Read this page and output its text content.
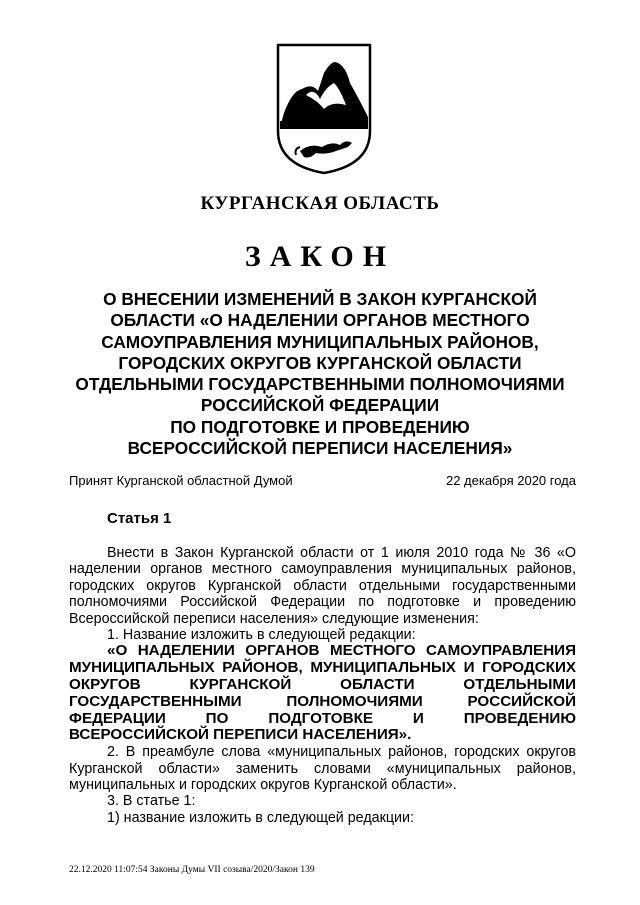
КУРГАНСКАЯ ОБЛАСТЬ
ЗАКОН
О ВНЕСЕНИИ ИЗМЕНЕНИЙ В ЗАКОН КУРГАНСКОЙ
ОБЛАСТИ «О НАДЕЛЕНИИ ОРГАНОВ МЕСТНОГО
САМОУПРАВЛЕНИЯ МУНИЦИПАЛЬНЫХ РАЙОНОВ,
ГОРОДСКИХ ОКРУГОВ КУРГАНСКОЙ ОБЛАСТИ
ОТДЕЛЬНЫМИ ГОСУДАРСТВЕННЫМИ ПОЛНОМОЧИЯМИ
РОССИЙСКОЙ ФЕДЕРАЦИИ
ПО ПОДГОТОВКЕ И ПРОВЕДЕНИЮ
ВСЕРОССИЙСКОЙ ПЕРЕПИСИ НАСЕЛЕНИЯ»
Принят Курганской областной Думой	22 декабря 2020 года
Статья 1

Внести в Закон Курганской области от 1 июля 2010 года № 36 «О наделении органов местного самоуправления муниципальных районов, городских округов Курганской области отдельными государственными полномочиями Российской Федерации по подготовке и проведению Всероссийской переписи населения» следующие изменения:

1. Название изложить в следующей редакции:

«О НАДЕЛЕНИИ ОРГАНОВ МЕСТНОГО САМОУПРАВЛЕНИЯ МУНИЦИПАЛЬНЫХ РАЙОНОВ, МУНИЦИПАЛЬНЫХ И ГОРОДСКИХ ОКРУГОВ КУРГАНСКОЙ ОБЛАСТИ ОТДЕЛЬНЫМИ ГОСУДАРСТВЕННЫМИ ПОЛНОМОЧИЯМИ РОССИЙСКОЙ ФЕДЕРАЦИИ ПО ПОДГОТОВКЕ И ПРОВЕДЕНИЮ ВСЕРОССИЙСКОЙ ПЕРЕПИСИ НАСЕЛЕНИЯ».

2. В преамбуле слова «муниципальных районов, городских округов Курганской области» заменить словами «муниципальных районов, муниципальных и городских округов Курганской области».

3. В статье 1:

1) название изложить в следующей редакции:

22.12.2020 11:07:54 Законы Думы VII созыва/2020/Закон 139
